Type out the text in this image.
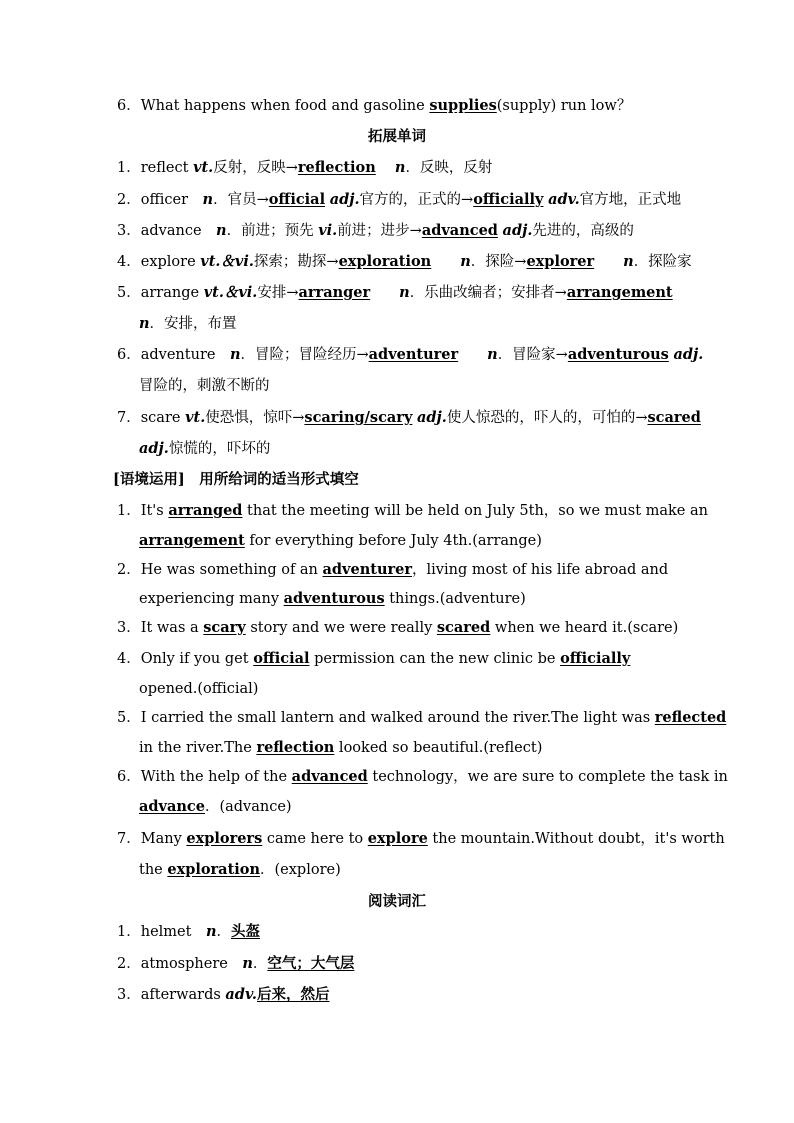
6．What happens when food and gasoline supplies(supply) run low？
拓展单词
1．reflect vt.反射，反映→reflection 　 n．反映，反射
2．officer　n．官员→official adj.官方的，正式的→officially adv.官方地，正式地
3．advance　n．前进；预先 vi.前进；进步→advanced adj.先进的，高级的
4．explore vt.＆vi.探索；勘探→exploration　　 n．探险→explorer　　 n．探险家
5．arrange vt.＆vi.安排→arranger　　 n．乐曲改编者；安排者→arrangement
n．安排，布置
6．adventure　n．冒险；冒险经历→adventurer　　 n．冒险家→adventurous adj.
冒险的，刺激不断的
7．scare vt.使恐惧，惊吓→scaring/scary adj.使人惊恐的，吓人的，可怕的→scared
adj.惊慌的，吓坏的
[语境运用]　用所给词的适当形式填空
1．It's arranged that the meeting will be held on July 5th，so we must make an
arrangement for everything before July 4th.(arrange)
2．He was something of an adventurer，living most of his life abroad and
experiencing many adventurous things.(adventure)
3．It was a scary story and we were really scared when we heard it.(scare)
4．Only if you get official permission can the new clinic be officially
opened.(official)
5．I carried the small lantern and walked around the river.The light was reflected
in the river.The reflection looked so beautiful.(reflect)
6．With the help of the advanced technology，we are sure to complete the task in
advance．(advance)
7．Many explorers came here to explore the mountain.Without doubt，it's worth
the exploration．(explore)
阅读词汇
1．helmet　n．头盔
2．atmosphere　n．空气；大气层
3．afterwards adv.后来，然后
